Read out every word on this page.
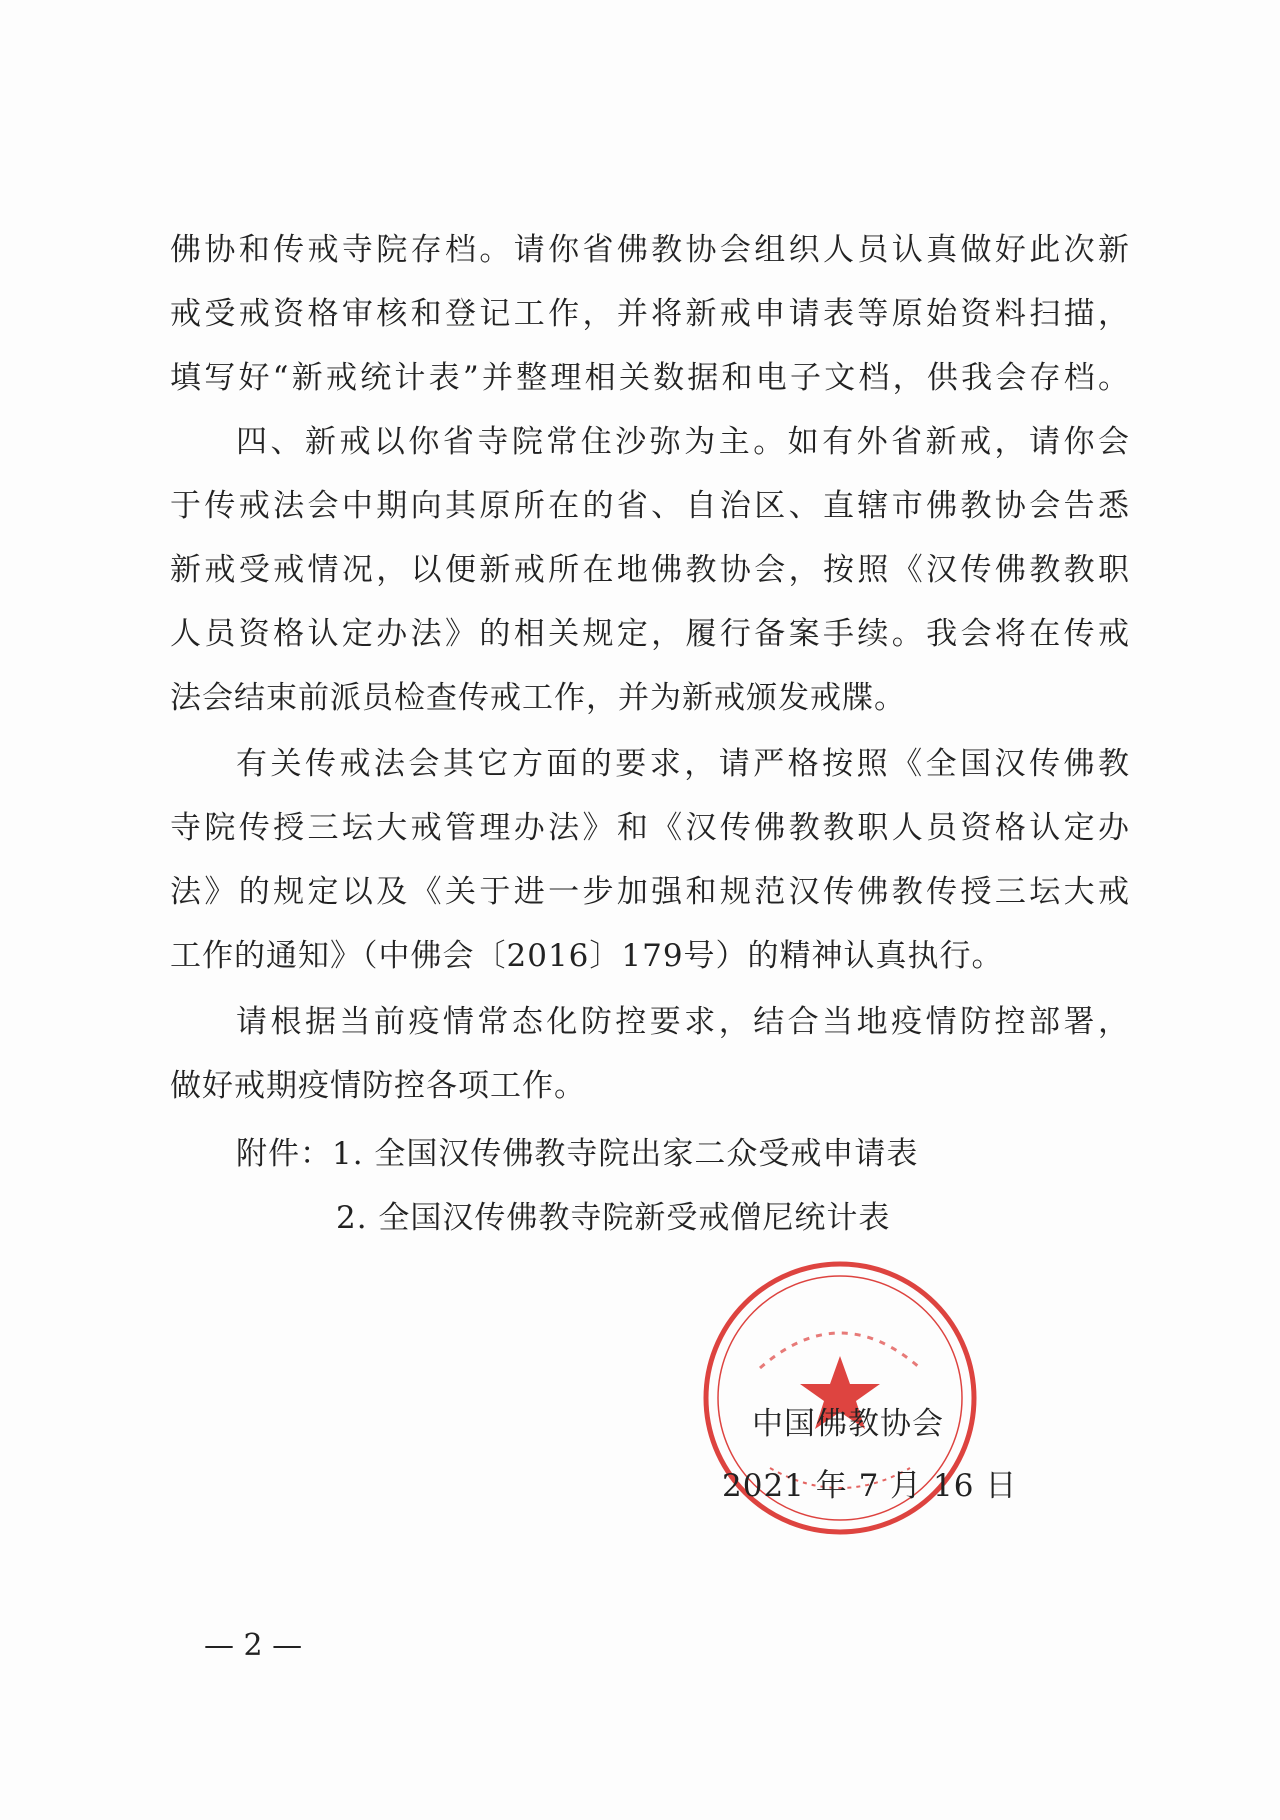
佛协和传戒寺院存档。请你省佛教协会组织人员认真做好此次新
戒受戒资格审核和登记工作，并将新戒申请表等原始资料扫描，
填写好“新戒统计表”并整理相关数据和电子文档，供我会存档。
四、新戒以你省寺院常住沙弥为主。如有外省新戒，请你会
于传戒法会中期向其原所在的省、自治区、直辖市佛教协会告悉
新戒受戒情况，以便新戒所在地佛教协会，按照《汉传佛教教职
人员资格认定办法》的相关规定，履行备案手续。我会将在传戒
法会结束前派员检查传戒工作，并为新戒颁发戒牒。
有关传戒法会其它方面的要求，请严格按照《全国汉传佛教
寺院传授三坛大戒管理办法》和《汉传佛教教职人员资格认定办
法》的规定以及《关于进一步加强和规范汉传佛教传授三坛大戒
工作的通知》（中佛会〔2016〕179号）的精神认真执行。
请根据当前疫情常态化防控要求，结合当地疫情防控部署，
做好戒期疫情防控各项工作。
附件：1. 全国汉传佛教寺院出家二众受戒申请表
2. 全国汉传佛教寺院新受戒僧尼统计表
中国佛教协会
2021 年 7 月 16 日
— 2 —
